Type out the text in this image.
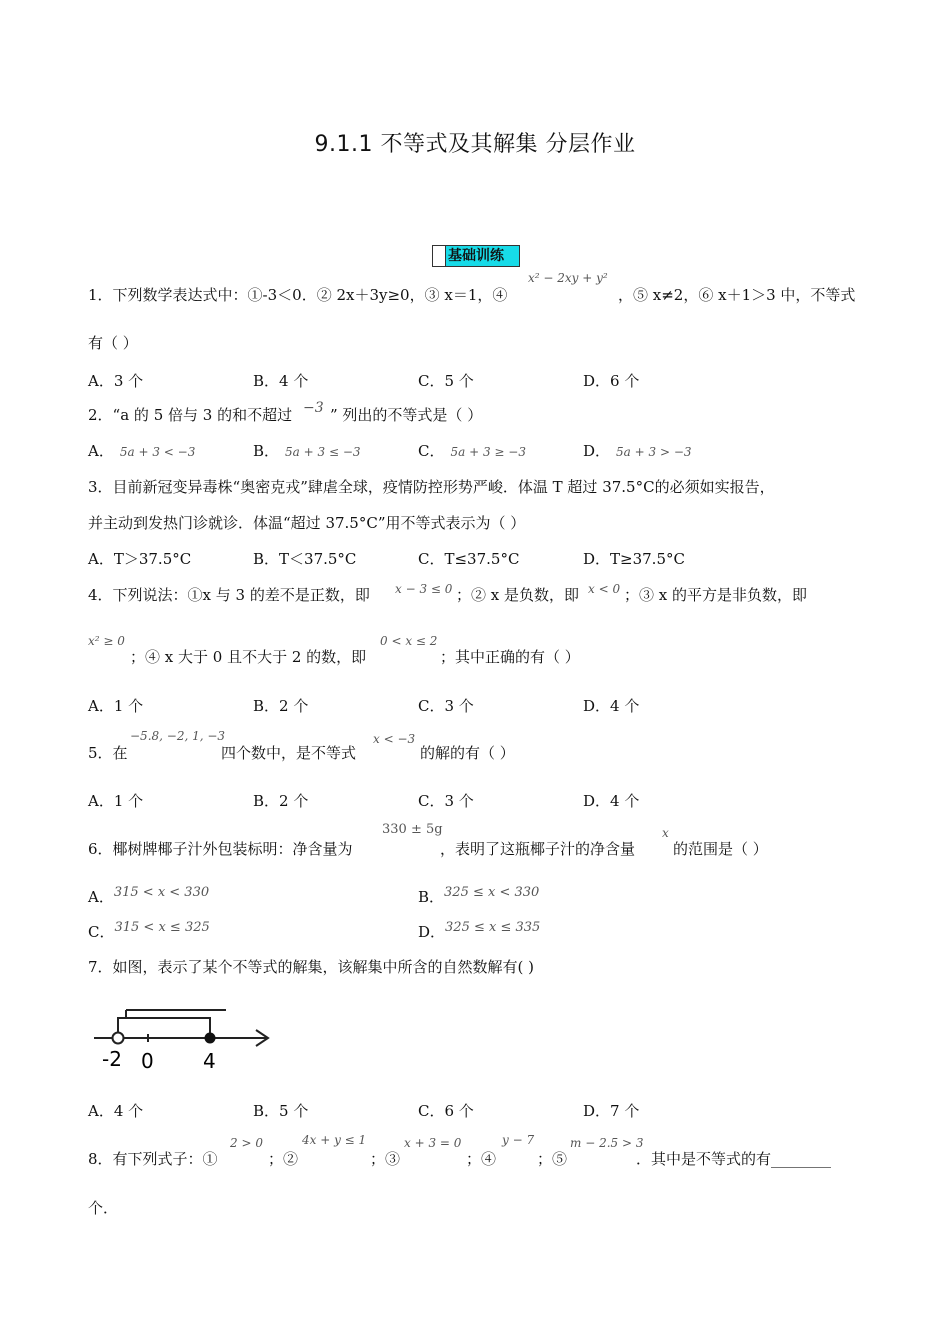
9.1.1 不等式及其解集 分层作业
基础训练
1．下列数学表达式中：①-3＜0．② 2x＋3y≥0，③ x＝1，④
x² − 2xy + y²
，⑤ x≠2，⑥ x＋1＞3 中，不等式
有（ ）
A．3 个	B．4 个	C．5 个	D．6 个
2．“a 的 5 倍与 3 的和不超过 −3 ” 列出的不等式是（ ）
A． 5a + 3 < −3	B． 5a + 3 ≤ −3	C． 5a + 3 ≥ −3	D． 5a + 3 > −3
3．目前新冠变异毒株“奥密克戎”肆虐全球，疫情防控形势严峻．体温 T 超过 37.5°C的必须如实报告，
并主动到发热门诊就诊．体温“超过 37.5°C”用不等式表示为（ ）
A．T＞37.5°C	B．T＜37.5°C	C．T≤37.5°C	D．T≥37.5°C
4．下列说法：①x 与 3 的差不是正数，即 x − 3 ≤ 0 ；② x 是负数，即 x < 0 ；③ x 的平方是非负数，即
x² ≥ 0
；④ x 大于 0 且不大于 2 的数，即
0 < x ≤ 2
；其中正确的有（ ）
A．1 个	B．2 个	C．3 个	D．4 个
5．在
−5.8, −2, 1, −3
四个数中，是不等式
x < −3
的解的有（ ）
A．1 个	B．2 个	C．3 个	D．4 个
6．椰树牌椰子汁外包装标明：净含量为
330 ± 5g
，表明了这瓶椰子汁的净含量
x
的范围是（ ）
A．315 < x < 330	B．325 ≤ x < 330
C．315 < x ≤ 325	D．325 ≤ x ≤ 335
7．如图，表示了某个不等式的解集，该解集中所含的自然数解有( )
-2 0 4
A．4 个	B．5 个	C．6 个	D．7 个
8．有下列式子：①
2 > 0
；②
4x + y ≤ 1
；③
x + 3 = 0
；④
y − 7
；⑤
m − 2.5 > 3
．其中是不等式的有________
个．
